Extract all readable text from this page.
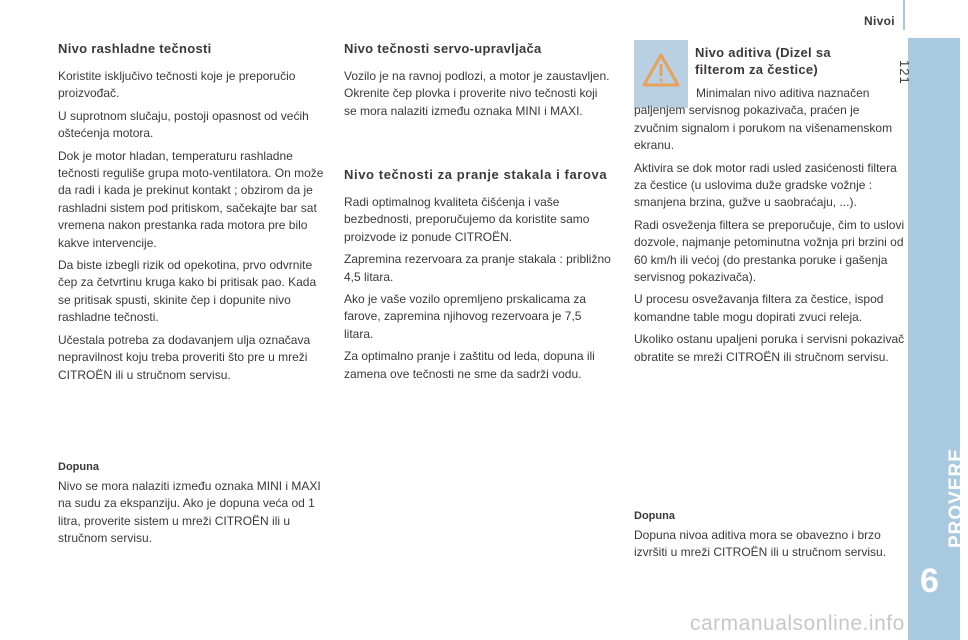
Nivoi
121
PROVERE
6
Nivo rashladne tečnosti

Koristite isključivo tečnosti koje je preporučio proizvođač.

U suprotnom slučaju, postoji opasnost od većih oštećenja motora.

Dok je motor hladan, temperaturu rashladne tečnosti reguliše grupa moto-ventilatora. On može da radi i kada je prekinut kontakt ; obzirom da je rashladni sistem pod pritiskom, sačekajte bar sat vremena nakon prestanka rada motora pre bilo kakve intervencije.

Da biste izbegli rizik od opekotina, prvo odvrnite čep za četvrtinu kruga kako bi pritisak pao. Kada se pritisak spusti, skinite čep i dopunite nivo rashladne tečnosti.

Učestala potreba za dodavanjem ulja označava nepravilnost koju treba proveriti što pre u mreži CITROËN ili u stručnom servisu.

Dopuna

Nivo se mora nalaziti između oznaka MINI i MAXI na sudu za ekspanziju. Ako je dopuna veća od 1 litra, proverite sistem u mreži CITROËN ili u stručnom servisu.

Nivo tečnosti servo-upravljača

Vozilo je na ravnoj podlozi, a motor je zaustavljen. Okrenite čep plovka i proverite nivo tečnosti koji se mora nalaziti između oznaka MINI i MAXI.

Nivo tečnosti za pranje stakala i farova

Radi optimalnog kvaliteta čišćenja i vaše bezbednosti, preporučujemo da koristite samo proizvode iz ponude CITROËN.

Zapremina rezervoara za pranje stakala : približno 4,5 litara.

Ako je vaše vozilo opremljeno prskalicama za farove, zapremina njihovog rezervoara je 7,5 litara.

Za optimalno pranje i zaštitu od leda, dopuna ili zamena ove tečnosti ne sme da sadrži vodu.

Nivo aditiva (Dizel sa filterom za česticе)

Minimalan nivo aditiva naznačen paljenjem servisnog pokazivača, praćen je zvučnim signalom i porukom na višenamenskom ekranu.

Aktivira se dok motor radi usled zasićenosti filtera za čestice (u uslovima duže gradske vožnje : smanjena brzina, gužve u saobraćaju, ...).

Radi osveženja filtera se preporučuje, čim to uslovi dozvole, najmanje petominutna vožnja pri brzini od 60 km/h ili većoj (do prestanka poruke i gašenja servisnog pokazivača).

U procesu osvežavanja filtera za čestice, ispod komandne table mogu dopirati zvuci releja.

Ukoliko ostanu upaljeni poruka i servisni pokazivač obratite se mreži CITROËN ili stručnom servisu.

Dopuna

Dopuna nivoa aditiva mora se obavezno i brzo izvršiti u mreži CITROËN ili u stručnom servisu.

carmanualsonline.info
